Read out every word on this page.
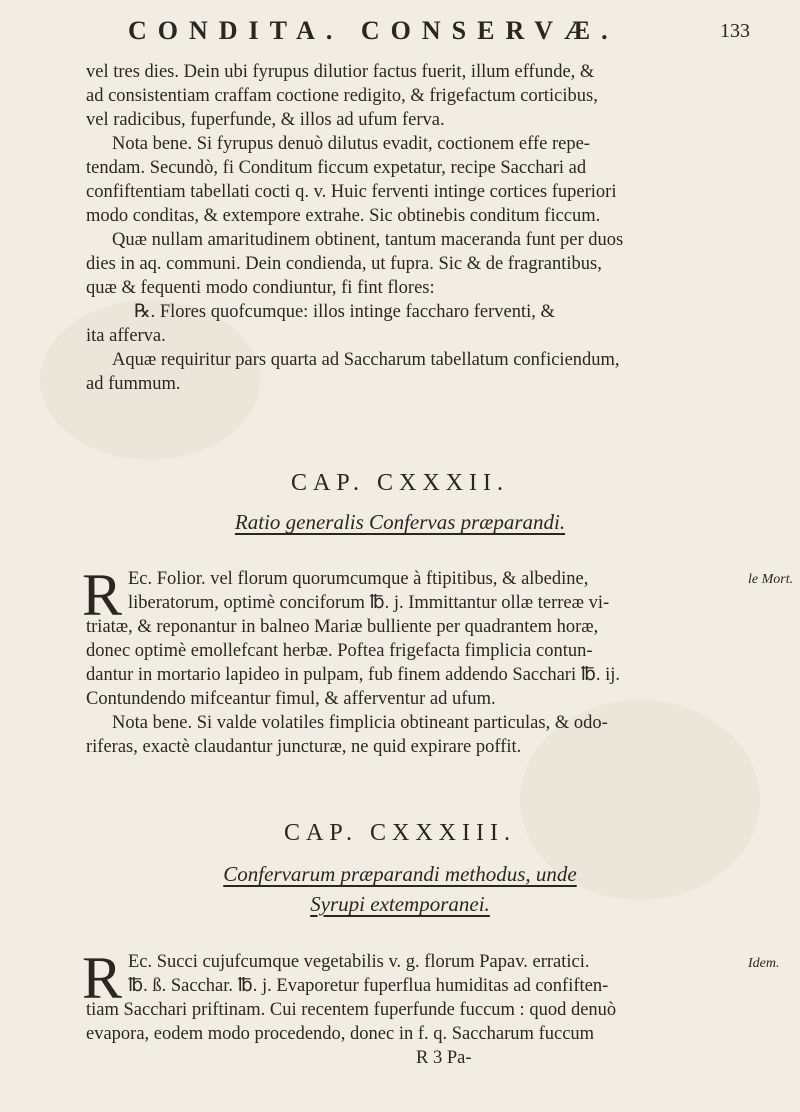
CONDITA. CONSERVÆ.	133
vel tres dies. Dein ubi fyrupus dilutior factus fuerit, illum effunde, &
ad consistentiam craffam coctione redigito, & frigefactum corticibus,
vel radicibus, fuperfunde, & illos ad ufum ferva.
Nota bene. Si fyrupus denuò dilutus evadit, coctionem effe repe-
tendam. Secundò, fi Conditum ficcum expetatur, recipe Sacchari ad
confiftentiam tabellati cocti q. v. Huic ferventi intinge cortices fuperiori
modo conditas, & extempore extrahe. Sic obtinebis conditum ficcum.
Quæ nullam amaritudinem obtinent, tantum maceranda funt per duos
dies in aq. communi. Dein condienda, ut fupra. Sic & de fragrantibus,
quæ & fequenti modo condiuntur, fi fint flores:
℞. Flores quofcumque: illos intinge faccharo ferventi, &
ita afferva.
Aquæ requiritur pars quarta ad Saccharum tabellatum conficiendum,
ad fummum.
CAP. CXXXII.
Ratio generalis Confervas præparandi.
R	le Mort.
Ec. Folior. vel florum quorumcumque à ftipitibus, & albedine,
liberatorum, optimè conciforum ℔. j. Immittantur ollæ terreæ vi-
triatæ, & reponantur in balneo Mariæ bulliente per quadrantem horæ,
donec optimè emollefcant herbæ. Poftea frigefacta fimplicia contun-
dantur in mortario lapideo in pulpam, fub finem addendo Sacchari ℔. ij.
Contundendo mifceantur fimul, & afferventur ad ufum.
Nota bene. Si valde volatiles fimplicia obtineant particulas, & odo-
riferas, exactè claudantur juncturæ, ne quid expirare poffit.
CAP. CXXXIII.
Confervarum præparandi methodus, unde
Syrupi extemporanei.
R	Idem.
Ec. Succi cujufcumque vegetabilis v. g. florum Papav. erratici.
℔. ß. Sacchar. ℔. j. Evaporetur fuperflua humiditas ad confiften-
tiam Sacchari priftinam. Cui recentem fuperfunde fuccum : quod denuò
evapora, eodem modo procedendo, donec in f. q. Saccharum fuccum
R 3 Pa-
